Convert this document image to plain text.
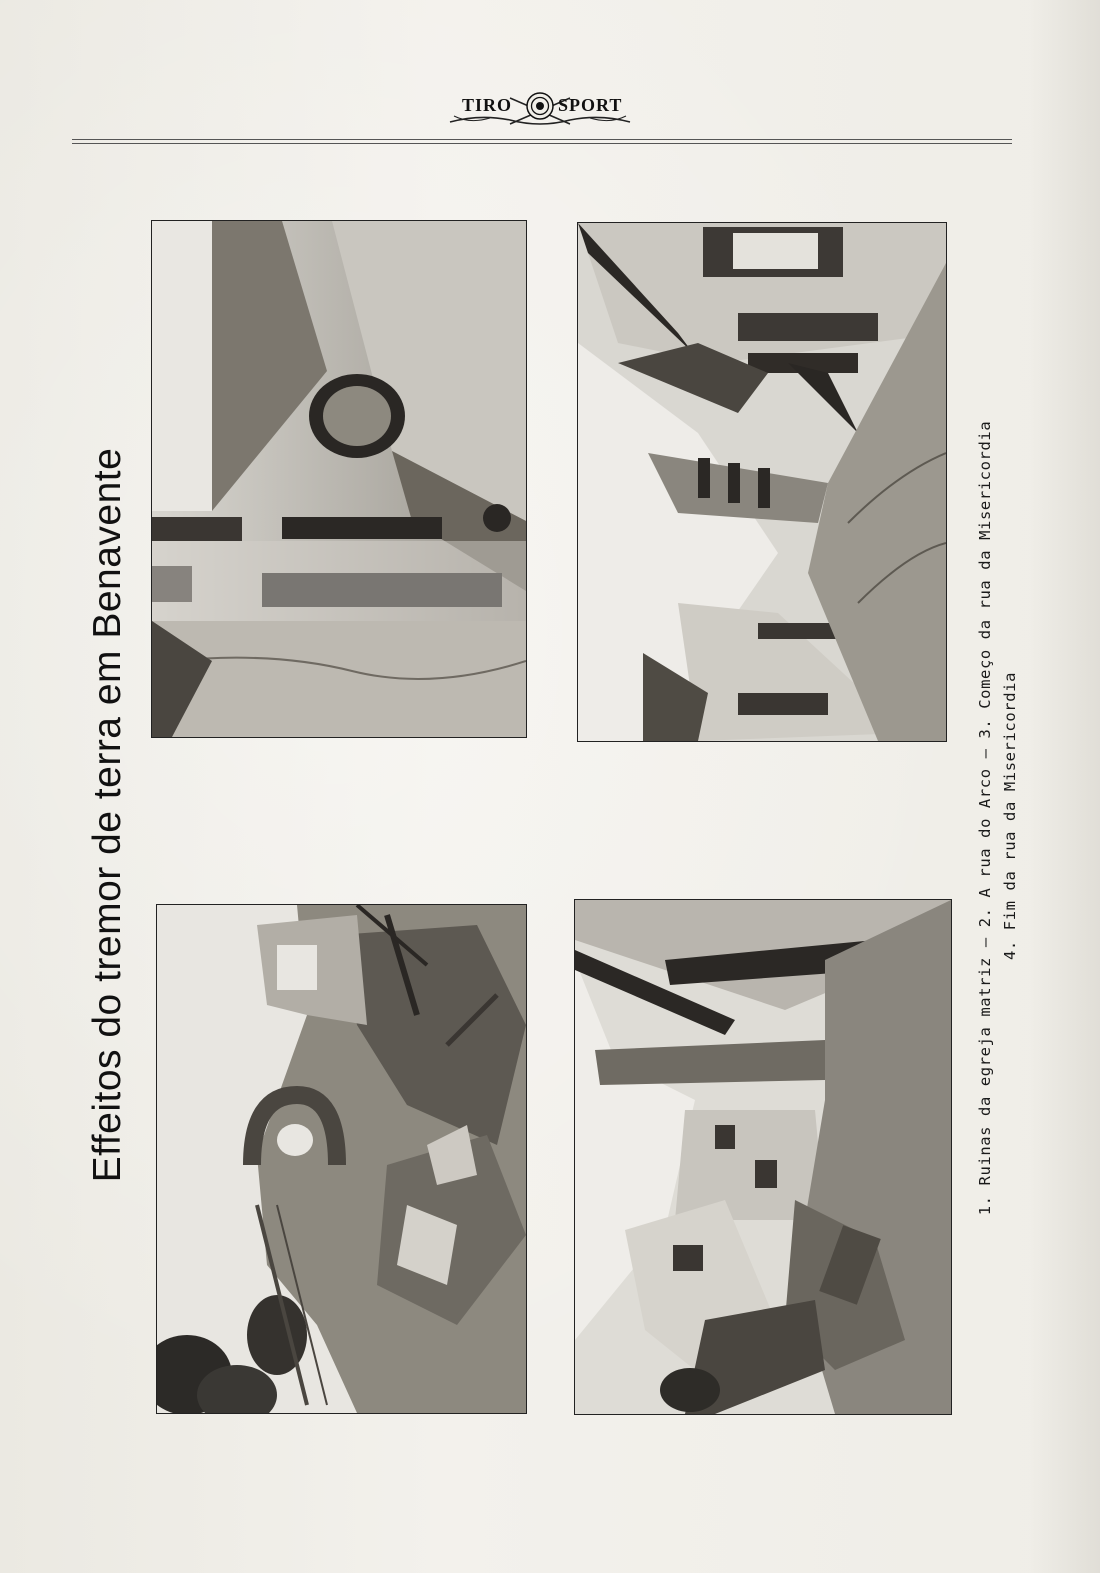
TIRO	SPORT
Effeitos do tremor de terra em Benavente	1. Ruinas da egreja matriz — 2. A rua do Arco — 3. Começo da rua da Misericordia 4. Fim da rua da Misericordia
